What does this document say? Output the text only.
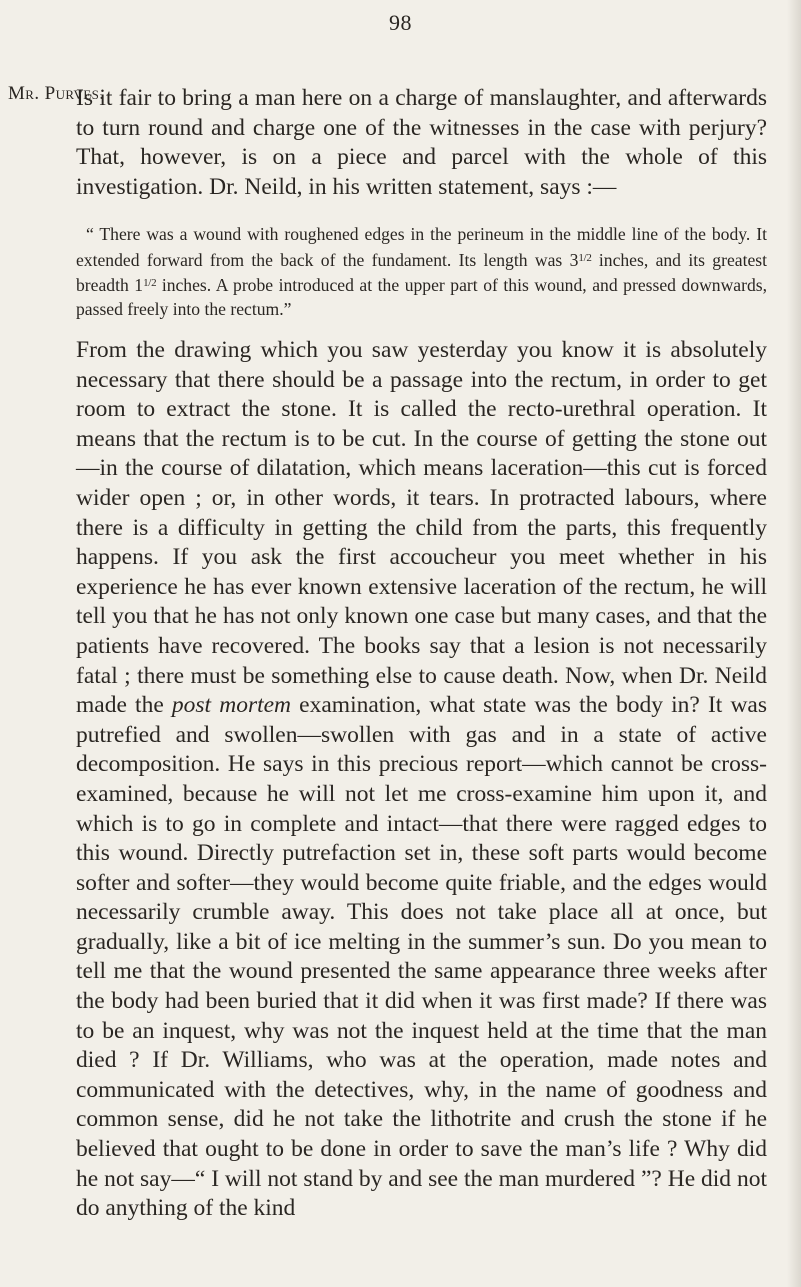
98
Mr. Purves.

Is it fair to bring a man here on a charge of manslaughter, and afterwards to turn round and charge one of the witnesses in the case with perjury? That, however, is on a piece and parcel with the whole of this investigation. Dr. Neild, in his written statement, says :—

“ There was a wound with roughened edges in the perineum in the middle line of the body. It extended forward from the back of the fundament. Its length was $3^{1/2}$ inches, and its greatest breadth $1^{1/2}$ inches. A probe introduced at the upper part of this wound, and pressed downwards, passed freely into the rectum.”

From the drawing which you saw yesterday you know it is absolutely necessary that there should be a passage into the rectum, in order to get room to extract the stone. It is called the recto-urethral operation. It means that the rectum is to be cut. In the course of getting the stone out—in the course of dilatation, which means laceration—this cut is forced wider open ; or, in other words, it tears. In protracted labours, where there is a difficulty in getting the child from the parts, this frequently happens. If you ask the first accoucheur you meet whether in his experience he has ever known extensive laceration of the rectum, he will tell you that he has not only known one case but many cases, and that the patients have recovered. The books say that a lesion is not necessarily fatal ; there must be something else to cause death. Now, when Dr. Neild made the post mortem examination, what state was the body in? It was putrefied and swollen—swollen with gas and in a state of active decomposition. He says in this precious report—which cannot be cross-examined, because he will not let me cross-examine him upon it, and which is to go in complete and intact—that there were ragged edges to this wound. Directly putrefaction set in, these soft parts would become softer and softer—they would become quite friable, and the edges would necessarily crumble away. This does not take place all at once, but gradually, like a bit of ice melting in the summer’s sun. Do you mean to tell me that the wound presented the same appearance three weeks after the body had been buried that it did when it was first made? If there was to be an inquest, why was not the inquest held at the time that the man died ? If Dr. Williams, who was at the operation, made notes and communicated with the detectives, why, in the name of goodness and common sense, did he not take the lithotrite and crush the stone if he believed that ought to be done in order to save the man’s life ? Why did he not say—“ I will not stand by and see the man murdered ”? He did not do anything of the kind
